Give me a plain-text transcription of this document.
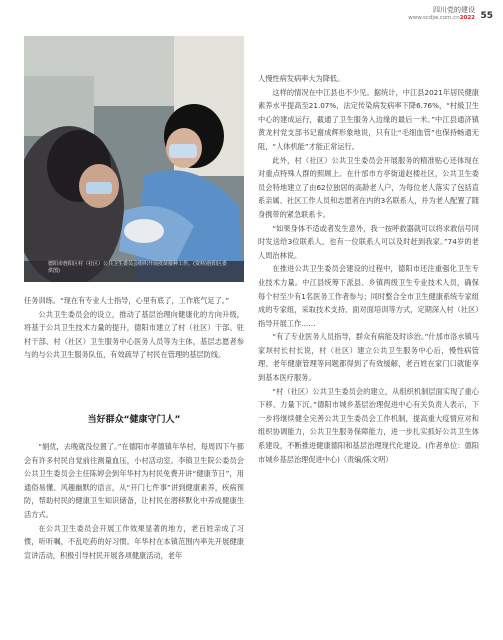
四川党的建设
www.scdjw.com.cn2022 55
德阳市旌阳区村（社区）公共卫生委员会组织开展疫苗接种工作。(资料)旌阳区委供图)

任务训练。“现在有专业人士指导，心里有底了，工作底气足了。”

公共卫生委员会的设立，推动了基层治理向健康化的方向升级，将基于公共卫生技术力量的提升，德阳市建立了村（社区）干部、驻村干部、村（社区）卫生服务中心医务人员等为主体，基层志愿者参与的与公共卫生服务队伍，有效疏导了村民在管理的基层防线。

当好群众“健康守门人”

“娟优，去晚就没位置了。”在德阳市孝德镇年华村，每周四下午都会有许多村民自觉前往测量血压，小村活动室。李镇卫生院公委员会公共卫生委员会主任陈婷会到年华村为村民免费开讲“健康节日”，用通俗易懂、风趣幽默的语言，从“开门七件事”讲到健康素养，疾病预防，帮助村民的健康卫生知识储备，让村民在潜移默化中养成健康生活方式。

在公共卫生委员会开展工作效果显著的地方，老百姓亲成了习惯，听听嘱，不乱吃药的好习惯。年华村在本镇范围内率先开展健康宣讲活动，积极引导村民开展各项健康活动，老年

人慢性病发病率大为降低。

这样的情况在中江县也不少见。据统计，中江县2021年居民健康素养水平提高至21.07%，法定传染病发病率下降6.76%，“村級卫生中心的建成运行，截通了卫生服务入边缘的最后一米。”中江县通济镇黄龙村党支部书记谢成辉形象地说，只有让“毛细血管”也保持畅通无阻，“人体机能”才能正常运行。

此外，村（社区）公共卫生委员会开展服务的精准贴心还体现在对重点特殊人群的照顾上。在什邡市方亭街道赵楼社区，公共卫生委员会特地建立了由62位独居的高龄老人户，为每位老人落实了包括直系亲属、社区工作人员和志愿者在内的3名联系人，并为老人配置了随身携带的紧急联系卡。

“如果身体不适或者发生意外，我一按呼救器就可以将求救信号同时发送给3位联系人，也有一位联系人可以及时赶到我家。”74岁的老人周治林说。

在推进公共卫生委员会建设的过程中，德阳市还注重强化卫生专业技术力量。中江县统筹下派县、乡镇两级卫生专业技术人员，确保每个村至少有1名医务工作者参与；同时整合全市卫生健康系统专家组成的专家组，采取技术支持、面对面培训等方式，定期深入村（社区）指导开展工作……

“有了专业医务人员指导，群众有病能及时诊治。”什邡市洛水镇马家坝村长村长说，村（社区）建立公共卫生服务中心后，慢性病管理、老年健康管理等问题都得到了有效缓解，老百姓在家门口就能享到基本医疗服务。

“村（社区）公共卫生委员会的建立，从组织机制层面实现了重心下移、力量下沉。”德阳市城乡基层治理促进中心有关负责人表示，下一步将继续健全完善公共卫生委员会工作机制，提高重大疫情应对和组织协调能力，公共卫生服务保障能力，进一步扎实抓好公共卫生体系建设，不断推进健康德阳和基层治理现代化建设。(作者单位：德阳市城乡基层治理促进中心)（责编/陈文明）
